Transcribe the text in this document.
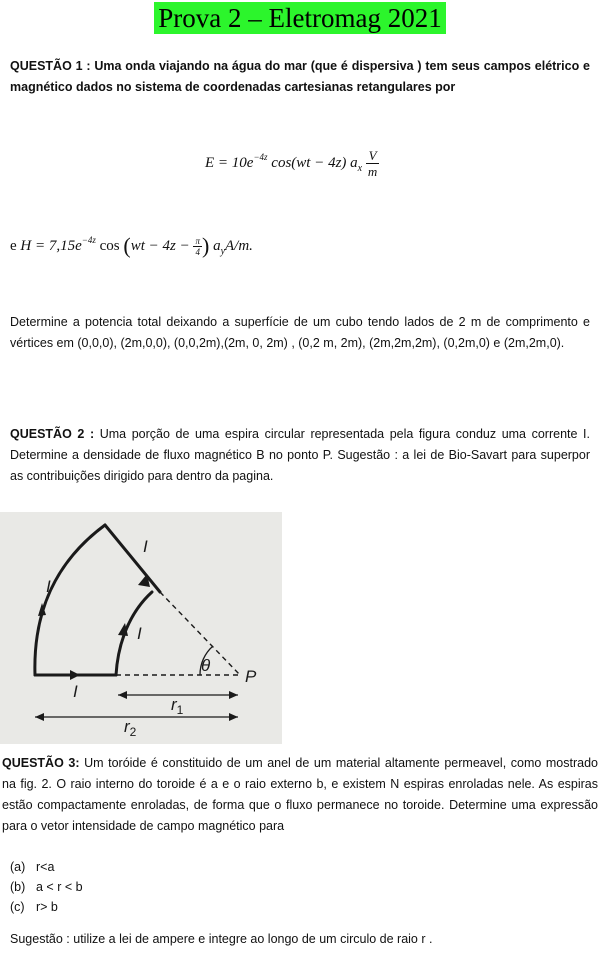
Prova 2 – Eletromag 2021
QUESTÃO 1 : Uma onda viajando na água do mar (que é dispersiva ) tem seus campos elétrico e magnético dados no sistema de coordenadas cartesianas retangulares por
$E = 10e^{-4z}$ cos(wt − 4z) $a_x \frac{V}{m}$
e $H = 7,15e^{-4z}$ $\cos (wt - 4z - \frac{\pi}{4}$ ) $a_yA/m$.
Determine a potencia total deixando a superfície de um cubo tendo lados de 2 m de comprimento e vértices em (0,0,0), (2m,0,0), (0,0,2m),(2m, 0, 2m) , (0,2 m, 2m), (2m,2m,2m), (0,2m,0) e (2m,2m,0).
QUESTÃO 2 : Uma porção de uma espira circular representada pela figura conduz uma corrente I. Determine a densidade de fluxo magnético B no ponto P. Sugestão : a lei de Bio-Savart para superpor as contribuições dirigido para dentro da pagina.
I
I
I
I
θ
P
$r_1$
$r_2$
QUESTÃO 3: Um toróide é constituido de um anel de um material altamente permeavel, como mostrado na fig. 2. O raio interno do toroide é a e o raio externo b, e existem N espiras enroladas nele. As espiras estão compactamente enroladas, de forma que o fluxo permanece no toroide. Determine uma expressão para o vetor intensidade de campo magnético para
(a) r<a
(b) a < r < b
(c) r> b
Sugestão : utilize a lei de ampere e integre ao longo de um circulo de raio r .
